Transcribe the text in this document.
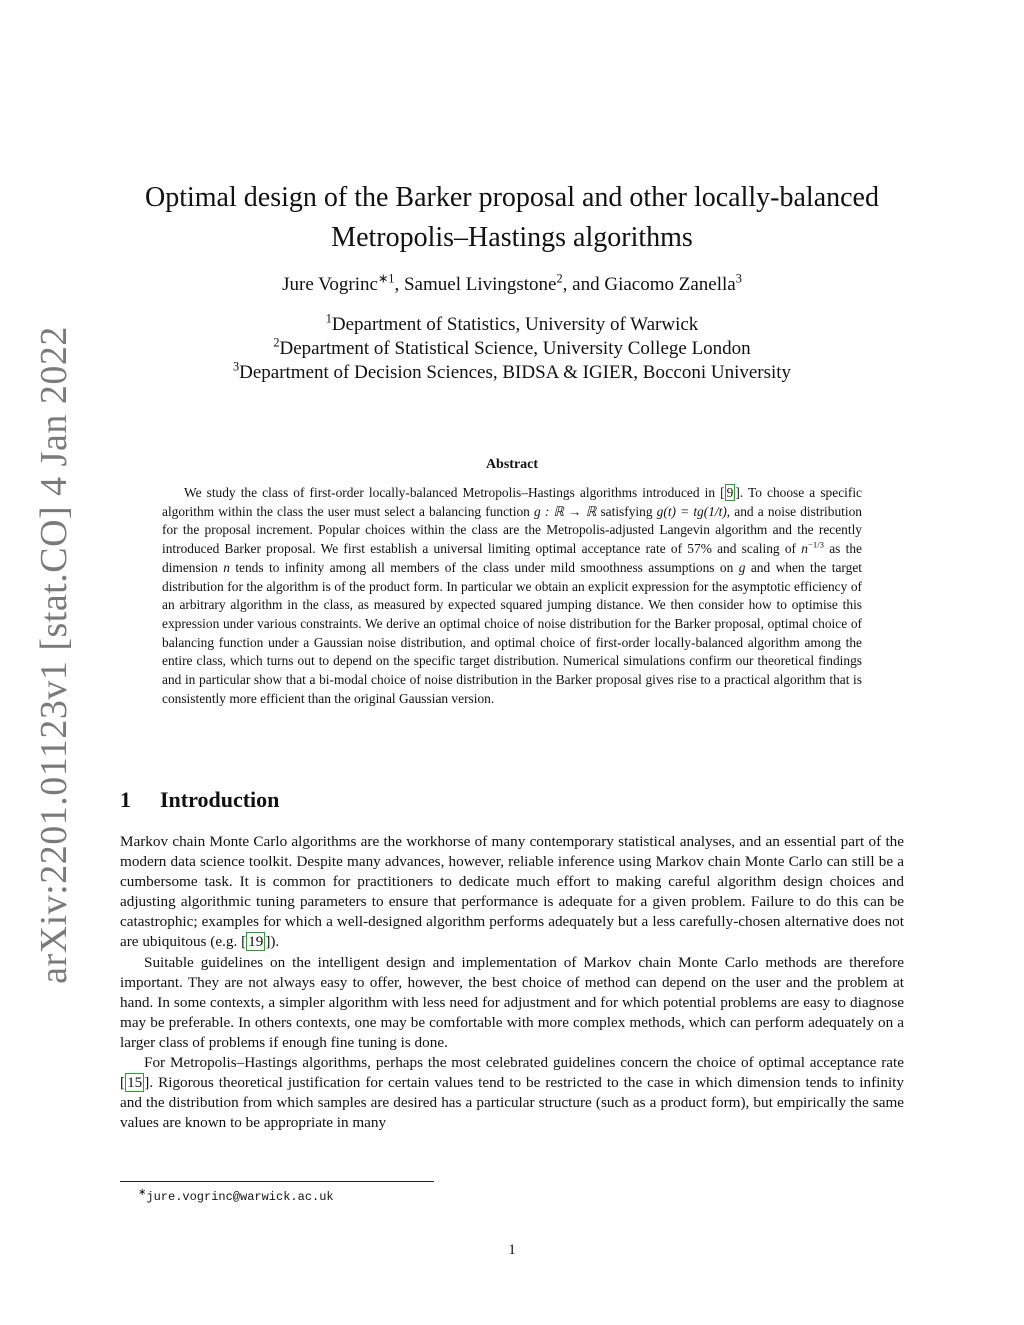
arXiv:2201.01123v1 [stat.CO] 4 Jan 2022
Optimal design of the Barker proposal and other locally-balanced
Metropolis–Hastings algorithms
Jure Vogrinc$^{∗1}$, Samuel Livingstone$^2$, and Giacomo Zanella$^3$
$^1$Department of Statistics, University of Warwick
$^2$Department of Statistical Science, University College London
$^3$Department of Decision Sciences, BIDSA & IGIER, Bocconi University
Abstract
We study the class of first-order locally-balanced Metropolis–Hastings algorithms introduced in [ 9 ]. To choose a specific algorithm within the class the user must select a balancing function g : ℝ → ℝ satisfying g(t) = tg(1/t), and a noise distribution for the proposal increment. Popular choices within the class are the Metropolis-adjusted Langevin algorithm and the recently introduced Barker proposal. We first establish a universal limiting optimal acceptance rate of 57% and scaling of $n^{-1/3}$ as the dimension n tends to infinity among all members of the class under mild smoothness assumptions on g and when the target distribution for the algorithm is of the product form. In particular we obtain an explicit expression for the asymptotic efficiency of an arbitrary algorithm in the class, as measured by expected squared jumping distance. We then consider how to optimise this expression under various constraints. We derive an optimal choice of noise distribution for the Barker proposal, optimal choice of balancing function under a Gaussian noise distribution, and optimal choice of first-order locally-balanced algorithm among the entire class, which turns out to depend on the specific target distribution. Numerical simulations confirm our theoretical findings and in particular show that a bi-modal choice of noise distribution in the Barker proposal gives rise to a practical algorithm that is consistently more efficient than the original Gaussian version.
1 Introduction

Markov chain Monte Carlo algorithms are the workhorse of many contemporary statistical analyses, and an essential part of the modern data science toolkit. Despite many advances, however, reliable inference using Markov chain Monte Carlo can still be a cumbersome task. It is common for practitioners to dedicate much effort to making careful algorithm design choices and adjusting algorithmic tuning parameters to ensure that performance is adequate for a given problem. Failure to do this can be catastrophic; examples for which a well-designed algorithm performs adequately but a less carefully-chosen alternative does not are ubiquitous (e.g. [ 19 ]).

Suitable guidelines on the intelligent design and implementation of Markov chain Monte Carlo methods are therefore important. They are not always easy to offer, however, the best choice of method can depend on the user and the problem at hand. In some contexts, a simpler algorithm with less need for adjustment and for which potential problems are easy to diagnose may be preferable. In others contexts, one may be comfortable with more complex methods, which can perform adequately on a larger class of problems if enough fine tuning is done.

For Metropolis–Hastings algorithms, perhaps the most celebrated guidelines concern the choice of optimal acceptance rate [ 15 ]. Rigorous theoretical justification for certain values tend to be restricted to the case in which dimension tends to infinity and the distribution from which samples are desired has a particular structure (such as a product form), but empirically the same values are known to be appropriate in many

∗jure.vogrinc@warwick.ac.uk
1
